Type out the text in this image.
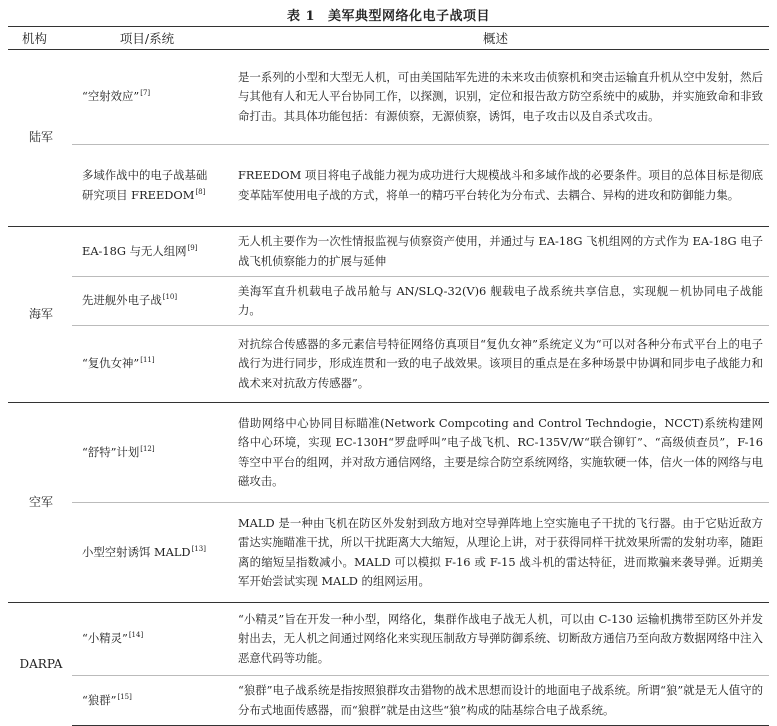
表 1 美军典型网络化电子战项目
机构	项目/系统	概述
陆军	“空射效应”[7]	是一系列的小型和大型无人机，可由美国陆军先进的未来攻击侦察机和突击运输直升机从空中发射，然后与其他有人和无人平台协同工作，以探测，识别，定位和报告敌方防空系统中的威胁，并实施致命和非致命打击。其具体功能包括：有源侦察，无源侦察，诱饵，电子攻击以及自杀式攻击。
	多域作战中的电子战基础研究项目 FREEDOM[8]	FREEDOM 项目将电子战能力视为成功进行大规模战斗和多域作战的必要条件。项目的总体目标是彻底变革陆军使用电子战的方式，将单一的精巧平台转化为分布式、去耦合、异构的进攻和防御能力集。
海军	EA-18G 与无人组网[9]	无人机主要作为一次性情报监视与侦察资产使用，并通过与 EA-18G 飞机组网的方式作为 EA-18G 电子战飞机侦察能力的扩展与延伸
	先进舰外电子战[10]	美海军直升机载电子战吊舱与 AN/SLQ-32(V)6 舰载电子战系统共享信息，实现舰－机协同电子战能力。
	“复仇女神”[11]	对抗综合传感器的多元素信号特征网络仿真项目“复仇女神”系统定义为“可以对各种分布式平台上的电子战行为进行同步，形成连贯和一致的电子战效果。该项目的重点是在多种场景中协调和同步电子战能力和战术来对抗敌方传感器”。
空军	“舒特”计划[12]	借助网络中心协同目标瞄准(Network Compcoting and Control Techndogie，NCCT)系统构建网络中心环境，实现 EC-130H“罗盘呼叫”电子战飞机、RC-135V/W“联合铆钉”、“高级侦查员”，F-16 等空中平台的组网，并对敌方通信网络，主要是综合防空系统网络，实施软硬一体，信火一体的网络与电磁攻击。
	小型空射诱饵 MALD[13]	MALD 是一种由飞机在防区外发射到敌方地对空导弹阵地上空实施电子干扰的飞行器。由于它贴近敌方雷达实施瞄准干扰，所以干扰距离大大缩短，从理论上讲，对于获得同样干扰效果所需的发射功率，随距离的缩短呈指数减小。MALD 可以模拟 F-16 或 F-15 战斗机的雷达特征，进而欺骗来袭导弹。近期美军开始尝试实现 MALD 的组网运用。
DARPA	“小精灵”[14]	“小精灵”旨在开发一种小型，网络化，集群作战电子战无人机，可以由 C-130 运输机携带至防区外并发射出去，无人机之间通过网络化来实现压制敌方导弹防御系统、切断敌方通信乃至向敌方数据网络中注入恶意代码等功能。
	“狼群”[15]	“狼群”电子战系统是指按照狼群攻击猎物的战术思想而设计的地面电子战系统。所谓“狼”就是无人值守的分布式地面传感器，而“狼群”就是由这些“狼”构成的陆基综合电子战系统。
